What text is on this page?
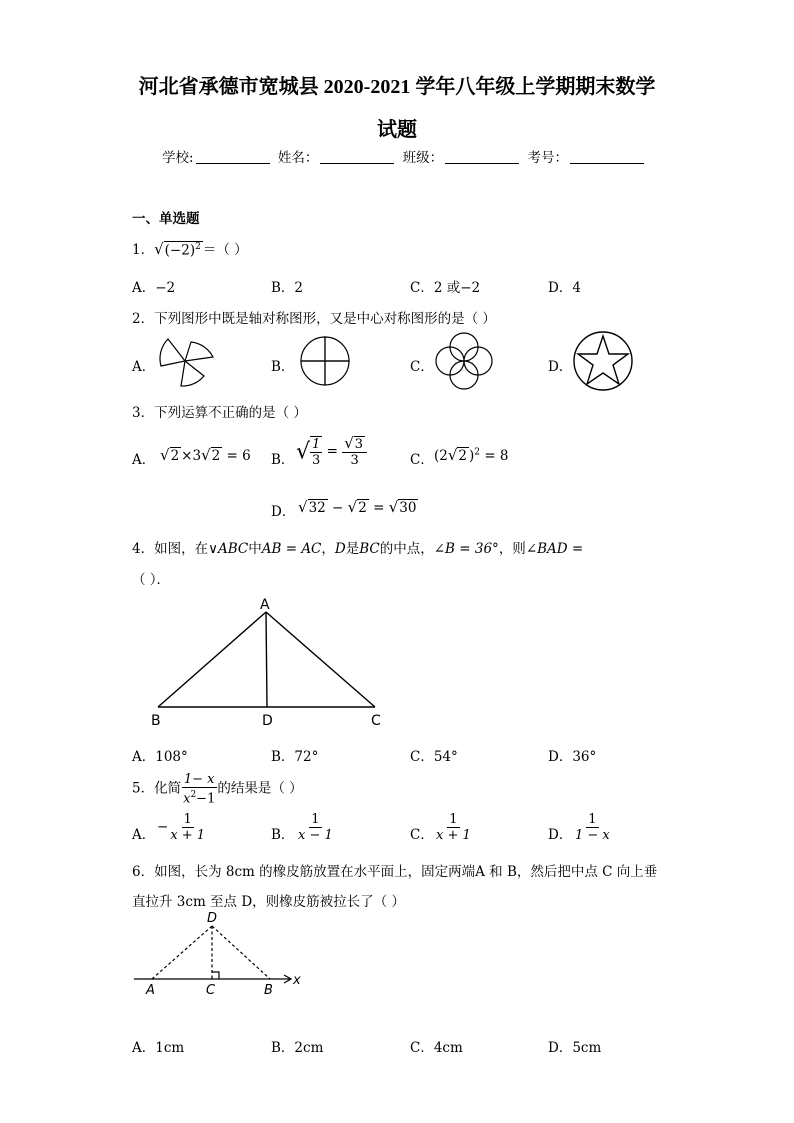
河北省承德市宽城县 2020-2021 学年八年级上学期期末数学
试题
学校:	姓名：	班级：	考号：
一、单选题
1．$√(-2)^2$ ＝（ ）
A．−2	B．2	C．2 或−2	D．4
2．下列图形中既是轴对称图形，又是中心对称图形的是（ ）
A．	B．	C．	D．
3．下列运算不正确的是（ ）
A． √2 ×3√2 = 6 B． √ $\frac{1}{3} = \frac{√3}{3}$	C． (2√2 )$^2$ = 8
D． √32 − √2 = √30
4．如图，在∨ABC中AB = AC，D是BC的中点，∠B = 36°，则∠BAD =
（ ）．
A
B	D	C
A．108°	B．72°	C．54°	D．36°
5．化简 $\frac{1- x}{x^2-1}$ 的结果是（ ）
A． − $\frac{1}{x + 1}$	B． $\frac{1}{x - 1}$	C． $\frac{1}{x + 1}$	D． $\frac{1}{1 - x}$
6．如图，长为 8cm 的橡皮筋放置在水平面上，固定两端A 和 B，然后把中点 C 向上垂
直拉升 3cm 至点 D，则橡皮筋被拉长了（ ）
D
A	C	B
x
A．1cm	B．2cm	C．4cm	D．5cm
